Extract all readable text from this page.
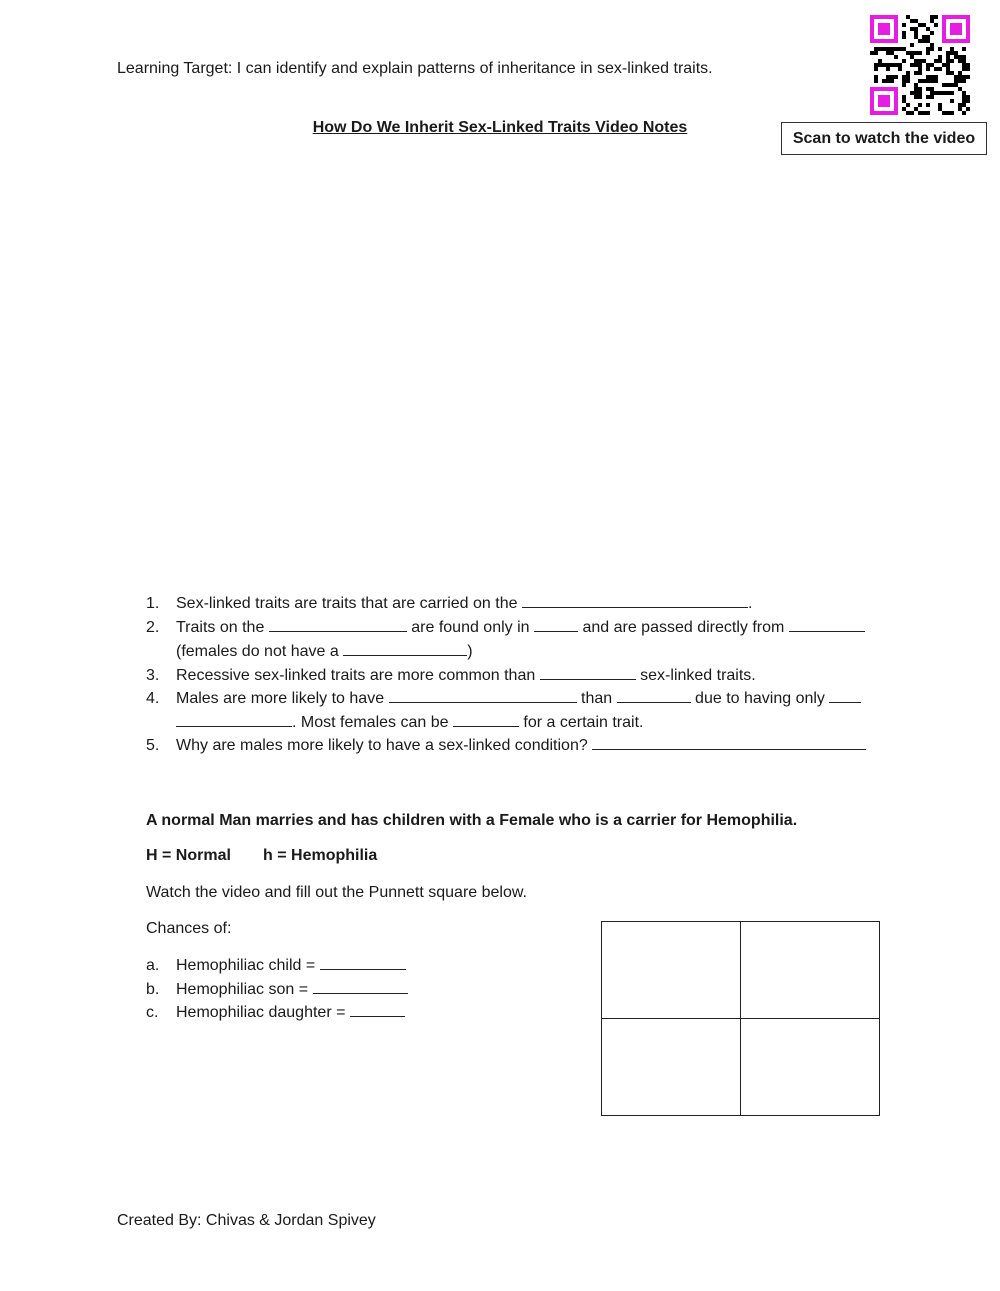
Learning Target: I can identify and explain patterns of inheritance in sex-linked traits.
Scan to watch the video
How Do We Inherit Sex-Linked Traits Video Notes
1. Sex-linked traits are traits that are carried on the	.
2. Traits on the	are found only in	and are passed directly from
(females do not have a	)
3. Recessive sex-linked traits are more common than	sex-linked traits.
4. Males are more likely to have	than	due to having only
. Most females can be	for a certain trait.
5. Why are males more likely to have a sex-linked condition?
A normal Man marries and has children with a Female who is a carrier for Hemophilia.
H = Normal h = Hemophilia
Watch the video and fill out the Punnett square below.
Chances of:
a. Hemophiliac child =
b. Hemophiliac son =
c. Hemophiliac daughter =
Created By: Chivas & Jordan Spivey
